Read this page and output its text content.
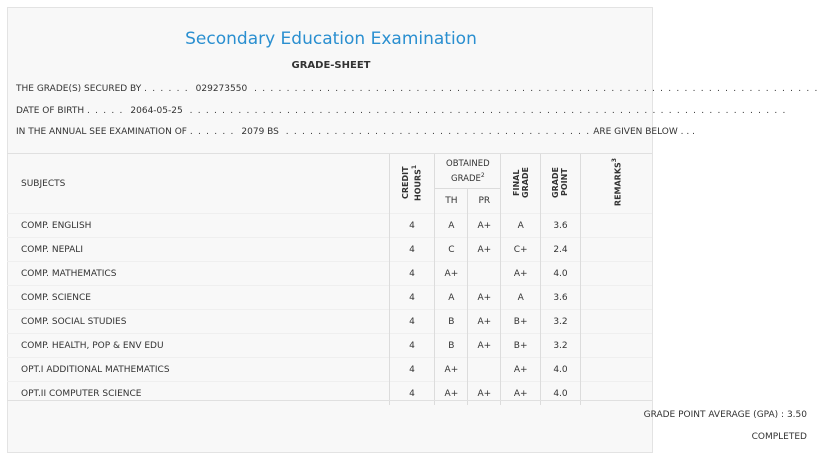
Secondary Education Examination
GRADE-SHEET
THE GRADE(S) SECURED BY . . . . . . 029273550 . . . . . . . . . . . . . . . . . . . . . . . . . . . . . . . . . . . . . . . . . . . . . . . . . . . . . . . . . . . . . . . . . . . . . .
DATE OF BIRTH . . . . . 2064-05-25 . . . . . . . . . . . . . . . . . . . . . . . . . . . . . . . . . . . . . . . . . . . . . . . . . . . . . . . . . . . . . . . . . . . . . . . . . .
IN THE ANNUAL SEE EXAMINATION OF . . . . . . 2079 BS . . . . . . . . . . . . . . . . . . . . . . . . . . . . . . . . . . . . . . ARE GIVEN BELOW . . .
SUBJECTS	CREDIT HOURS$^1$	OBTAINED GRADE$^2$		FINAL GRADE	GRADE POINT	REMARKS$^3$
		TH	PR			
COMP. ENGLISH	4	A	A+	A	3.6	
COMP. NEPALI	4	C	A+	C+	2.4	
COMP. MATHEMATICS	4	A+		A+	4.0	
COMP. SCIENCE	4	A	A+	A	3.6	
COMP. SOCIAL STUDIES	4	B	A+	B+	3.2	
COMP. HEALTH, POP & ENV EDU	4	B	A+	B+	3.2	
OPT.I ADDITIONAL MATHEMATICS	4	A+		A+	4.0	
OPT.II COMPUTER SCIENCE	4	A+	A+	A+	4.0	
GRADE POINT AVERAGE (GPA) : 3.50
COMPLETED
